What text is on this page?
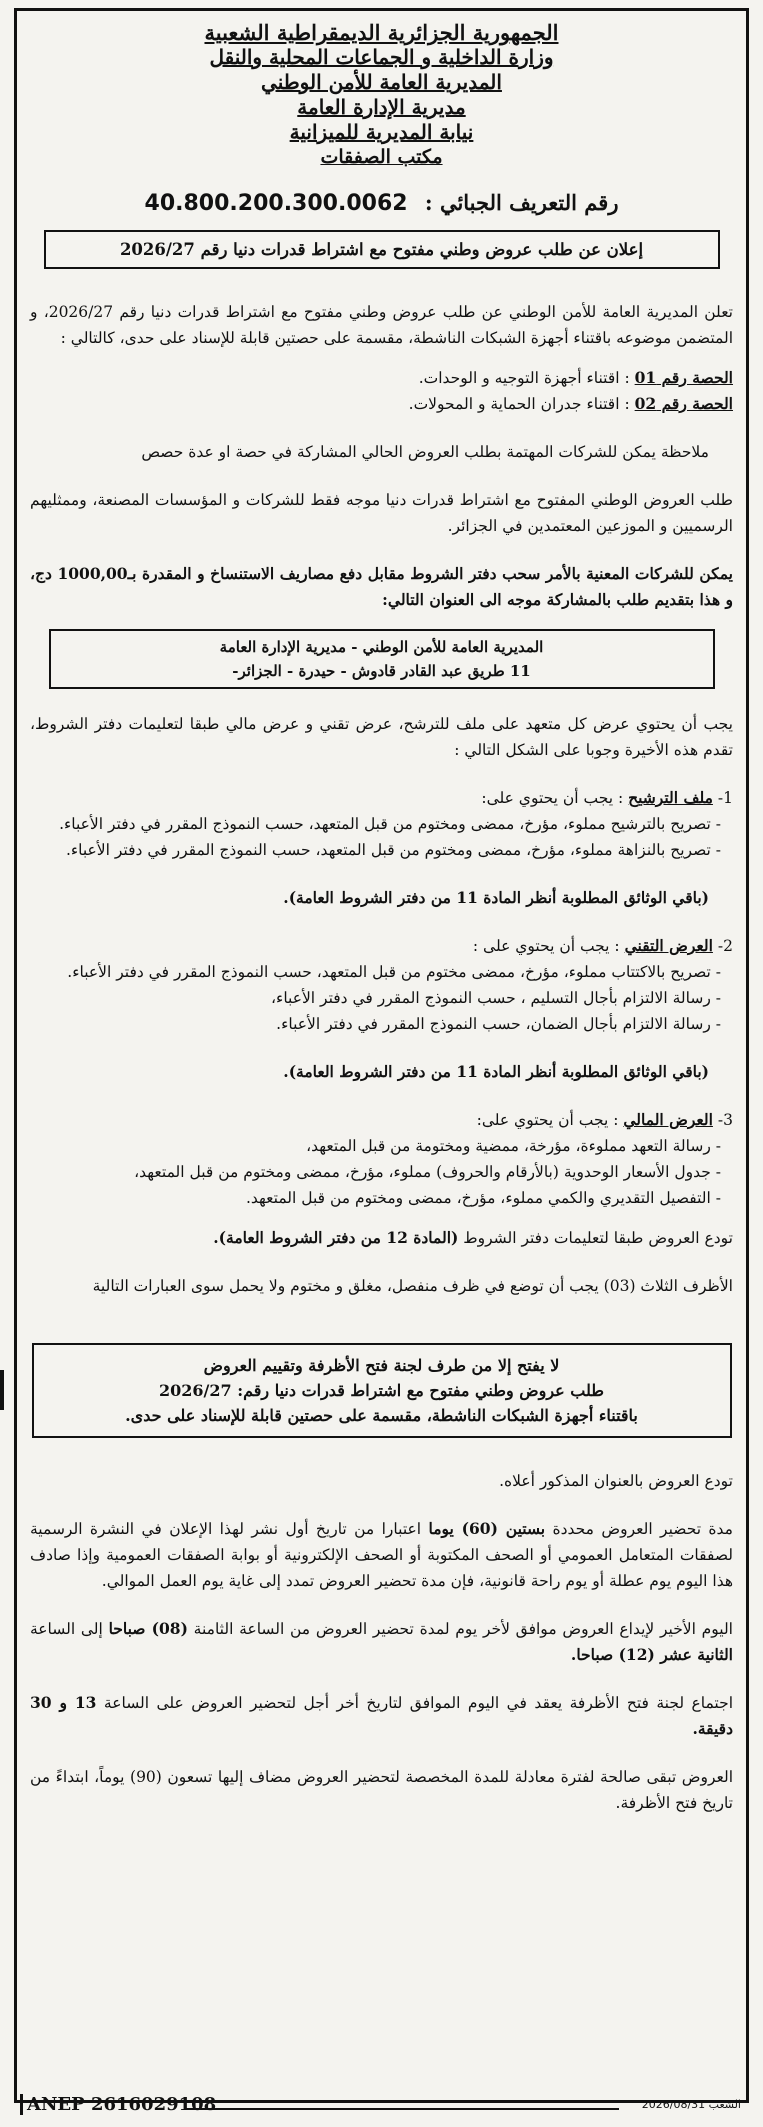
الجمهورية الجزائرية الديمقراطية الشعبية
وزارة الداخلية و الجماعات المحلية والنقل
المديرية العامة للأمن الوطني
مديرية الإدارة العامة
نيابة المديرية للميزانية
مكتب الصفقات
رقم التعريف الجبائي : 40.800.200.300.0062
إعلان عن طلب عروض وطني مفتوح مع اشتراط قدرات دنيا رقم 2026/27

تعلن المديرية العامة للأمن الوطني عن طلب عروض وطني مفتوح مع اشتراط قدرات دنيا رقم 2026/27، و المتضمن موضوعه باقتناء أجهزة الشبكات الناشطة، مقسمة على حصتين قابلة للإسناد على حدى، كالتالي :

الحصة رقم 01 : اقتناء أجهزة التوجيه و الوحدات.

الحصة رقم 02 : اقتناء جدران الحماية و المحولات.

ملاحظة يمكن للشركات المهتمة بطلب العروض الحالي المشاركة في حصة او عدة حصص

طلب العروض الوطني المفتوح مع اشتراط قدرات دنيا موجه فقط للشركات و المؤسسات المصنعة، وممثليهم الرسميين و الموزعين المعتمدين في الجزائر.

يمكن للشركات المعنية بالأمر سحب دفتر الشروط مقابل دفع مصاريف الاستنساخ و المقدرة بـ1000,00 دج، و هذا بتقديم طلب بالمشاركة موجه الى العنوان التالي:

المديرية العامة للأمن الوطني - مديرية الإدارة العامة
11 طريق عبد القادر قادوش - حيدرة - الجزائر-

يجب أن يحتوي عرض كل متعهد على ملف للترشح، عرض تقني و عرض مالي طبقا لتعليمات دفتر الشروط، تقدم هذه الأخيرة وجوبا على الشكل التالي :

1- ملف الترشيح : يجب أن يحتوي على:

- تصريح بالترشيح مملوء، مؤرخ، ممضى ومختوم من قبل المتعهد، حسب النموذج المقرر في دفتر الأعباء.

- تصريح بالنزاهة مملوء، مؤرخ، ممضى ومختوم من قبل المتعهد، حسب النموذج المقرر في دفتر الأعباء.

(باقي الوثائق المطلوبة أنظر المادة 11 من دفتر الشروط العامة).

2- العرض التقني : يجب أن يحتوي على :

- تصريح بالاكتتاب مملوء، مؤرخ، ممضى مختوم من قبل المتعهد، حسب النموذج المقرر في دفتر الأعباء.

- رسالة الالتزام بأجال التسليم ، حسب النموذج المقرر في دفتر الأعباء،

- رسالة الالتزام بأجال الضمان، حسب النموذج المقرر في دفتر الأعباء.

(باقي الوثائق المطلوبة أنظر المادة 11 من دفتر الشروط العامة).

3- العرض المالي : يجب أن يحتوي على:

- رسالة التعهد مملوءة، مؤرخة، ممضية ومختومة من قبل المتعهد،

- جدول الأسعار الوحدوية (بالأرقام والحروف) مملوء، مؤرخ، ممضى ومختوم من قبل المتعهد،

- التفصيل التقديري والكمي مملوء، مؤرخ، ممضى ومختوم من قبل المتعهد.

تودع العروض طبقا لتعليمات دفتر الشروط (المادة 12 من دفتر الشروط العامة).

الأظرف الثلاث (03) يجب أن توضع في ظرف منفصل، مغلق و مختوم ولا يحمل سوى العبارات التالية

لا يفتح إلا من طرف لجنة فتح الأظرفة وتقييم العروض
طلب عروض وطني مفتوح مع اشتراط قدرات دنيا رقم: 2026/27
باقتناء أجهزة الشبكات الناشطة، مقسمة على حصتين قابلة للإسناد على حدى.

تودع العروض بالعنوان المذكور أعلاه.

مدة تحضير العروض محددة بستين (60) يوما اعتبارا من تاريخ أول نشر لهذا الإعلان في النشرة الرسمية لصفقات المتعامل العمومي أو الصحف المكتوبة أو الصحف الإلكترونية أو بوابة الصفقات العمومية وإذا صادف هذا اليوم يوم عطلة أو يوم راحة قانونية، فإن مدة تحضير العروض تمدد إلى غاية يوم العمل الموالي.

اليوم الأخير لإيداع العروض موافق لأخر يوم لمدة تحضير العروض من الساعة الثامنة (08) صباحا إلى الساعة الثانية عشر (12) صباحا.

اجتماع لجنة فتح الأظرفة يعقد في اليوم الموافق لتاريخ أخر أجل لتحضير العروض على الساعة 13 و 30 دقيقة.

العروض تبقى صالحة لفترة معادلة للمدة المخصصة لتحضير العروض مضاف إليها تسعون (90) يوماً، ابتداءً من تاريخ فتح الأظرفة.

ANEP 2616029108	2026/08/31 الشعب
